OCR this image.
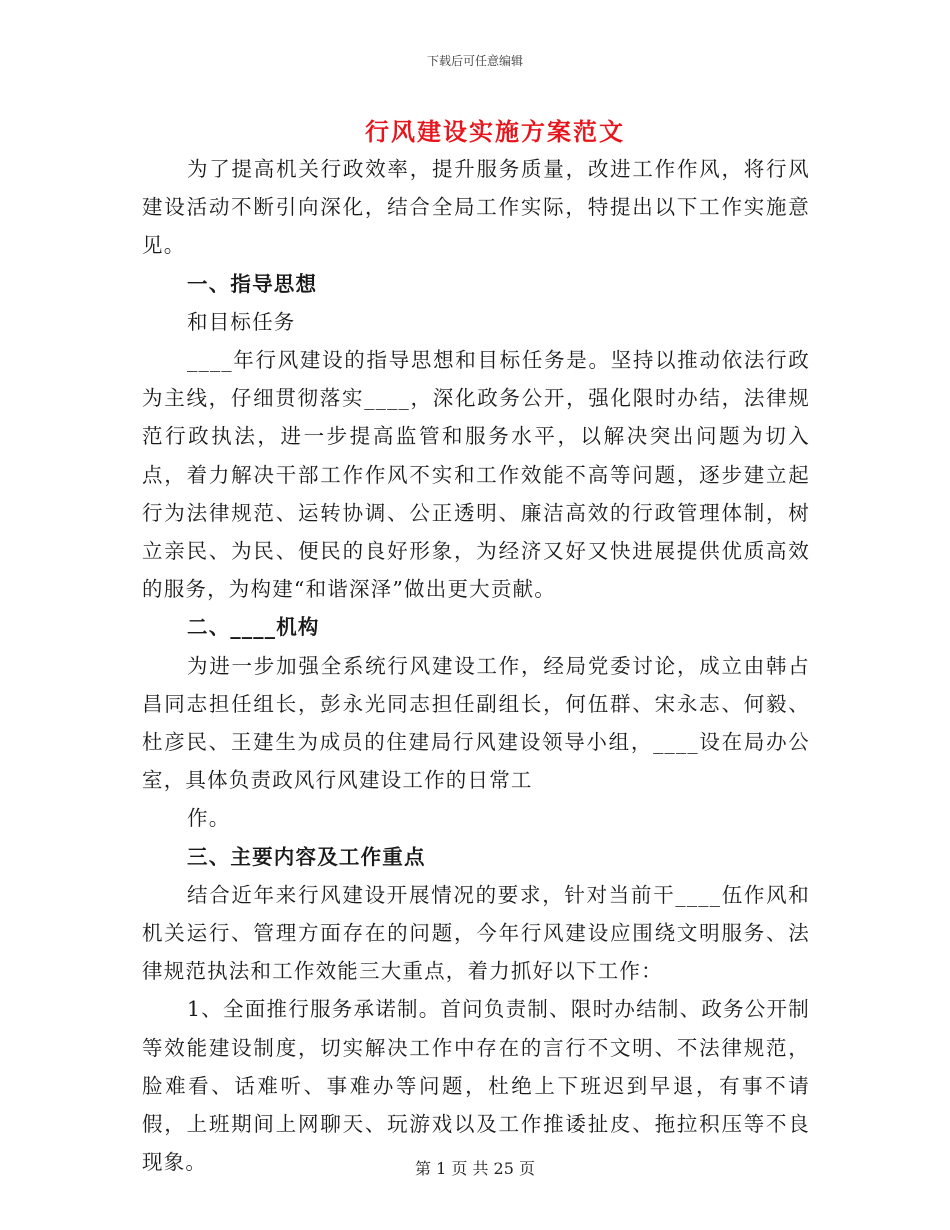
下载后可任意编辑
行风建设实施方案范文

为了提高机关行政效率，提升服务质量，改进工作作风，将行风建设活动不断引向深化，结合全局工作实际，特提出以下工作实施意见。

一、指导思想

和目标任务

____年行风建设的指导思想和目标任务是。坚持以推动依法行政为主线，仔细贯彻落实____，深化政务公开，强化限时办结，法律规范行政执法，进一步提高监管和服务水平，以解决突出问题为切入点，着力解决干部工作作风不实和工作效能不高等问题，逐步建立起行为法律规范、运转协调、公正透明、廉洁高效的行政管理体制，树立亲民、为民、便民的良好形象，为经济又好又快进展提供优质高效的服务，为构建“和谐深泽”做出更大贡献。

二、____机构

为进一步加强全系统行风建设工作，经局党委讨论，成立由韩占昌同志担任组长，彭永光同志担任副组长，何伍群、宋永志、何毅、杜彦民、王建生为成员的住建局行风建设领导小组，____设在局办公室，具体负责政风行风建设工作的日常工

作。

三、主要内容及工作重点

结合近年来行风建设开展情况的要求，针对当前干____伍作风和机关运行、管理方面存在的问题，今年行风建设应围绕文明服务、法律规范执法和工作效能三大重点，着力抓好以下工作：

1、全面推行服务承诺制。首问负责制、限时办结制、政务公开制等效能建设制度，切实解决工作中存在的言行不文明、不法律规范，脸难看、话难听、事难办等问题，杜绝上下班迟到早退，有事不请假，上班期间上网聊天、玩游戏以及工作推诿扯皮、拖拉积压等不良现象。	第 1 页 共 25 页
